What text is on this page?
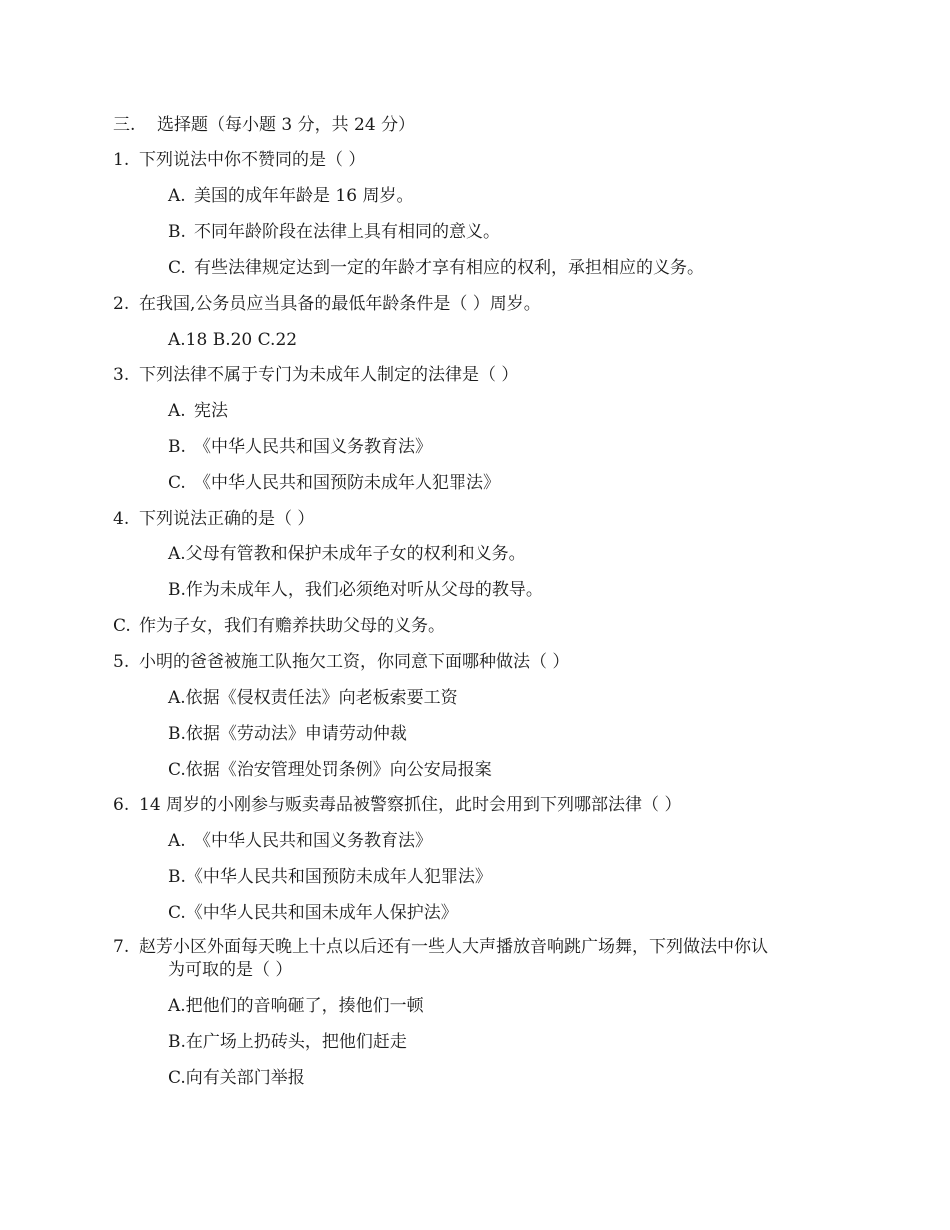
三. 选择题（每小题 3 分，共 24 分）
1. 下列说法中你不赞同的是（ ）
A. 美国的成年年龄是 16 周岁。
B. 不同年龄阶段在法律上具有相同的意义。
C. 有些法律规定达到一定的年龄才享有相应的权利，承担相应的义务。
2. 在我国,公务员应当具备的最低年龄条件是（ ）周岁。
A.18 B.20 C.22
3. 下列法律不属于专门为未成年人制定的法律是（ ）
A. 宪法
B. 《中华人民共和国义务教育法》
C. 《中华人民共和国预防未成年人犯罪法》
4. 下列说法正确的是（ ）
A.父母有管教和保护未成年子女的权利和义务。
B.作为未成年人，我们必须绝对听从父母的教导。
C. 作为子女，我们有赡养扶助父母的义务。
5. 小明的爸爸被施工队拖欠工资，你同意下面哪种做法（ ）
A.依据《侵权责任法》向老板索要工资
B.依据《劳动法》申请劳动仲裁
C.依据《治安管理处罚条例》向公安局报案
6. 14 周岁的小刚参与贩卖毒品被警察抓住，此时会用到下列哪部法律（ ）
A. 《中华人民共和国义务教育法》
B.《中华人民共和国预防未成年人犯罪法》
C.《中华人民共和国未成年人保护法》
7. 赵芳小区外面每天晚上十点以后还有一些人大声播放音响跳广场舞，下列做法中你认
为可取的是（ ）
A.把他们的音响砸了，揍他们一顿
B.在广场上扔砖头，把他们赶走
C.向有关部门举报
